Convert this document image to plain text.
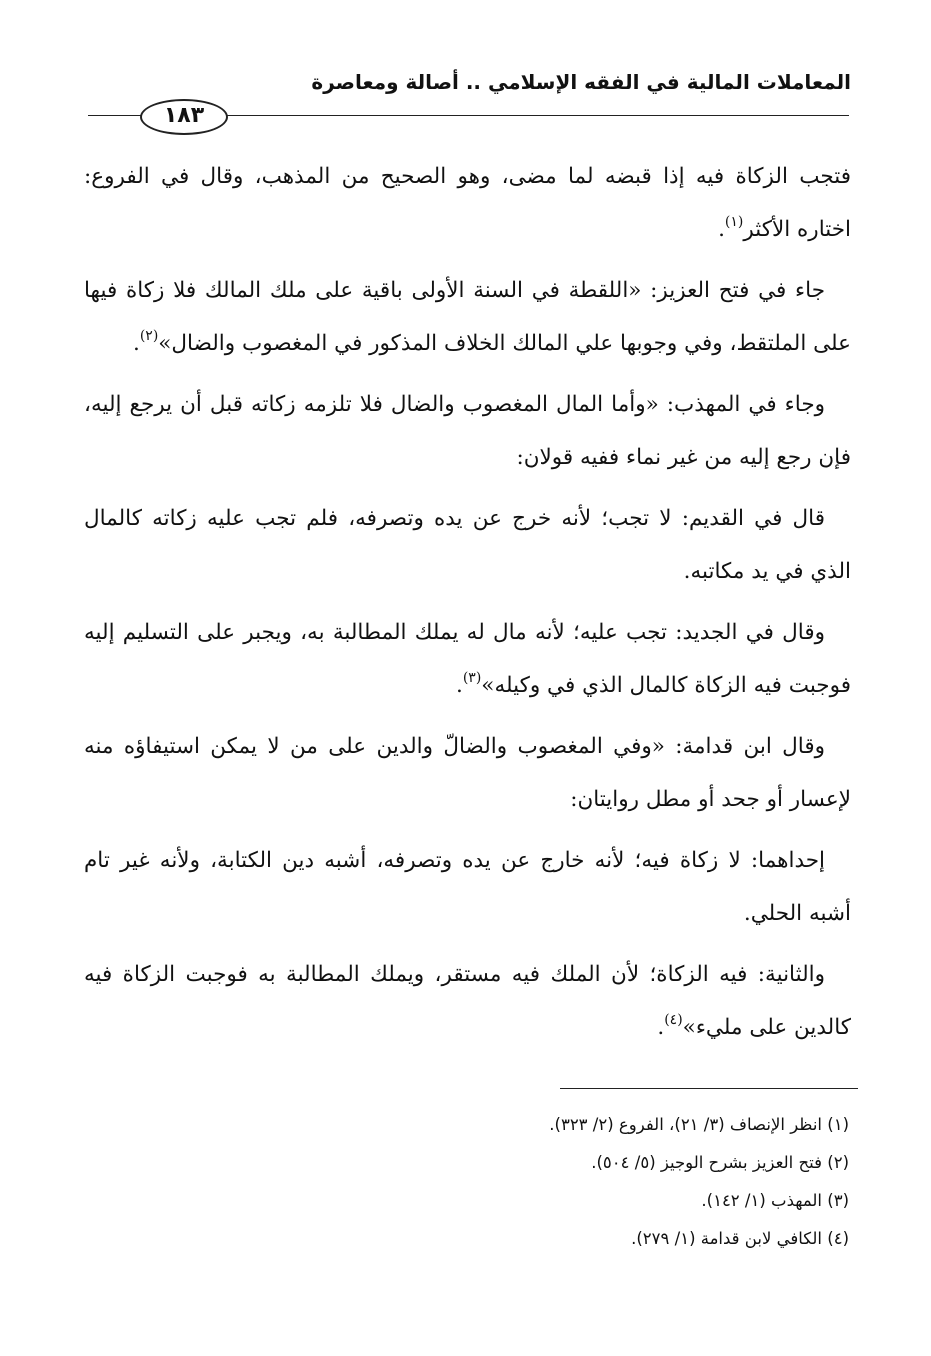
المعاملات المالية في الفقه الإسلامي .. أصالة ومعاصرة
١٨٣

فتجب الزكاة فيه إذا قبضه لما مضى، وهو الصحيح من المذهب، وقال في الفروع: اختاره الأكثر$^{(١)}$.

جاء في فتح العزيز: «اللقطة في السنة الأولى باقية على ملك المالك فلا زكاة فيها على الملتقط، وفي وجوبها علي المالك الخلاف المذكور في المغصوب والضال»$^{(٢)}$.

وجاء في المهذب: «وأما المال المغصوب والضال فلا تلزمه زكاته قبل أن يرجع إليه، فإن رجع إليه من غير نماء ففيه قولان:

قال في القديم: لا تجب؛ لأنه خرج عن يده وتصرفه، فلم تجب عليه زكاته كالمال الذي في يد مكاتبه.

وقال في الجديد: تجب عليه؛ لأنه مال له يملك المطالبة به، ويجبر على التسليم إليه فوجبت فيه الزكاة كالمال الذي في وكيله»$^{(٣)}$.

وقال ابن قدامة: «وفي المغصوب والضالّ والدين على من لا يمكن استيفاؤه منه لإعسار أو جحد أو مطل روايتان:

إحداهما: لا زكاة فيه؛ لأنه خارج عن يده وتصرفه، أشبه دين الكتابة، ولأنه غير تام أشبه الحلي.

والثانية: فيه الزكاة؛ لأن الملك فيه مستقر، ويملك المطالبة به فوجبت الزكاة فيه كالدين على مليء»$^{(٤)}$.

(١) انظر الإنصاف (٣/ ٢١)، الفروع (٢/ ٣٢٣).
(٢) فتح العزيز بشرح الوجيز (٥/ ٥٠٤).
(٣) المهذب (١/ ١٤٢).
(٤) الكافي لابن قدامة (١/ ٢٧٩).
